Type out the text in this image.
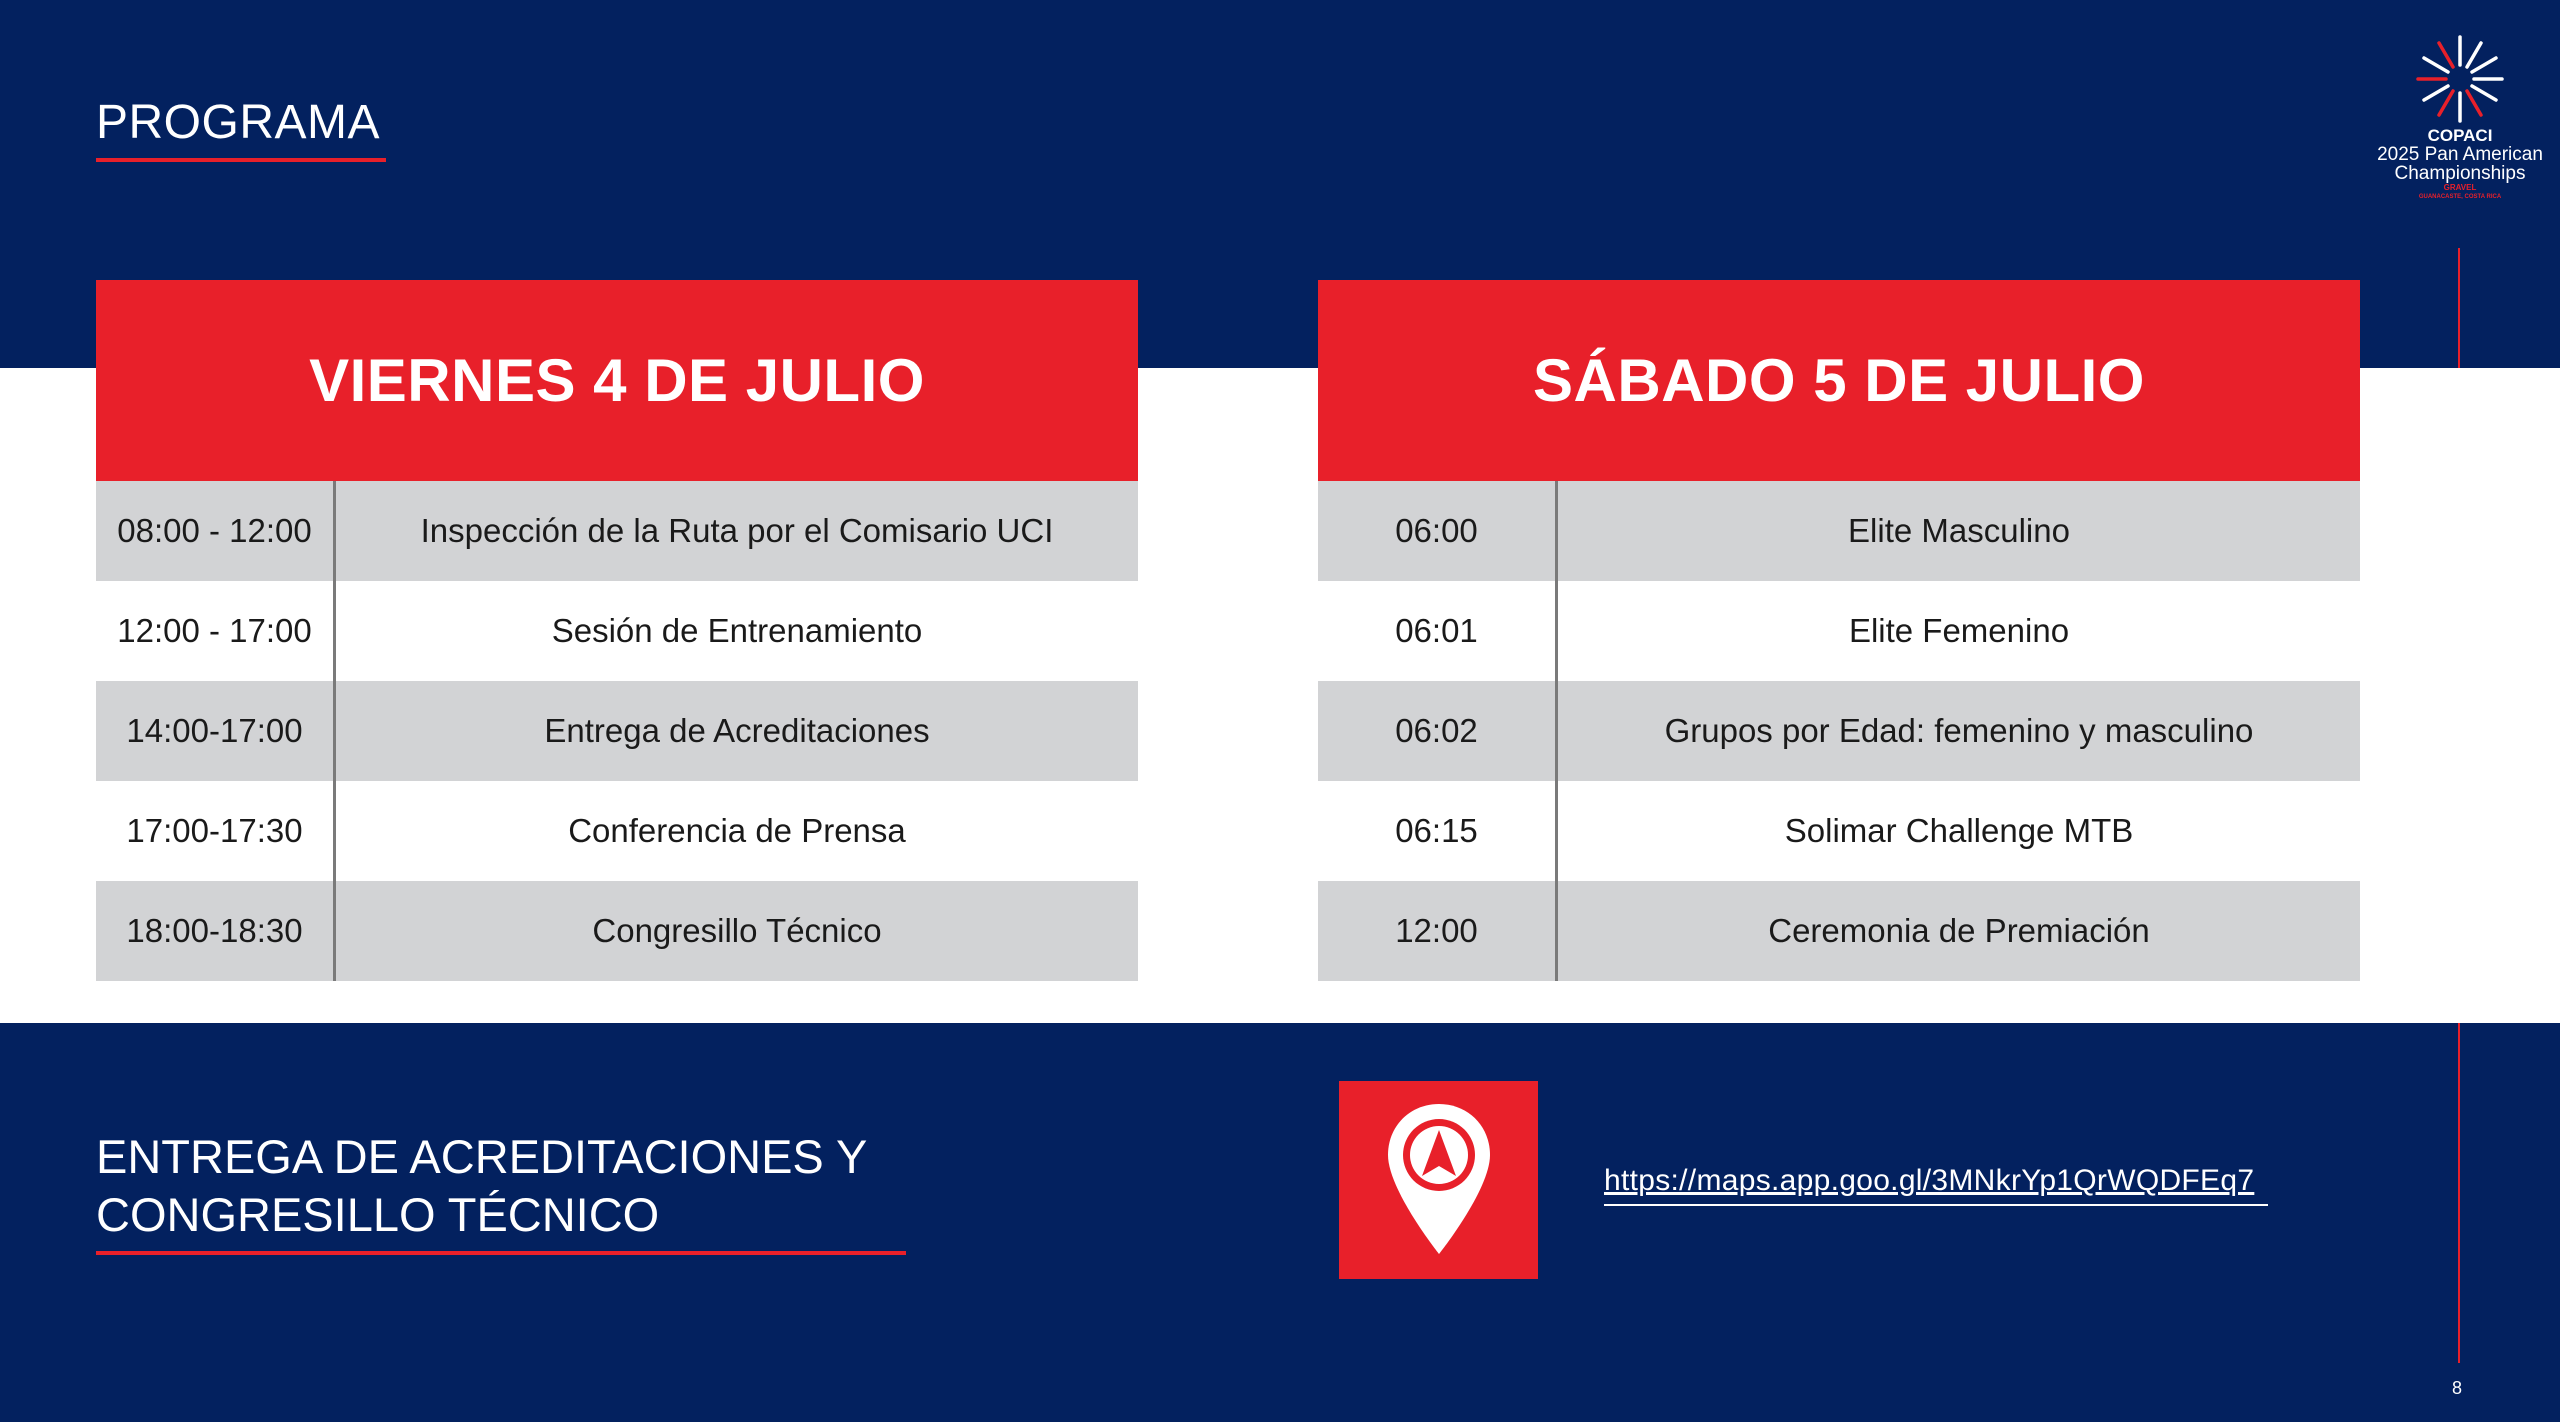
PROGRAMA	COPACI
2025 Pan American
Championships
GRAVEL
GUANACASTE, COSTA RICA
VIERNES 4 DE JULIO
08:00 - 12:00	Inspección de la Ruta por el Comisario UCI
12:00 - 17:00	Sesión de Entrenamiento
14:00-17:00	Entrega de Acreditaciones
17:00-17:30	Conferencia de Prensa
18:00-18:30	Congresillo Técnico
SÁBADO 5 DE JULIO
06:00	Elite Masculino
06:01	Elite Femenino
06:02	Grupos por Edad: femenino y masculino
06:15	Solimar Challenge MTB
12:00	Ceremonia de Premiación
ENTREGA DE ACREDITACIONES Y
CONGRESILLO TÉCNICO
https://maps.app.goo.gl/3MNkrYp1QrWQDFEq7
8
